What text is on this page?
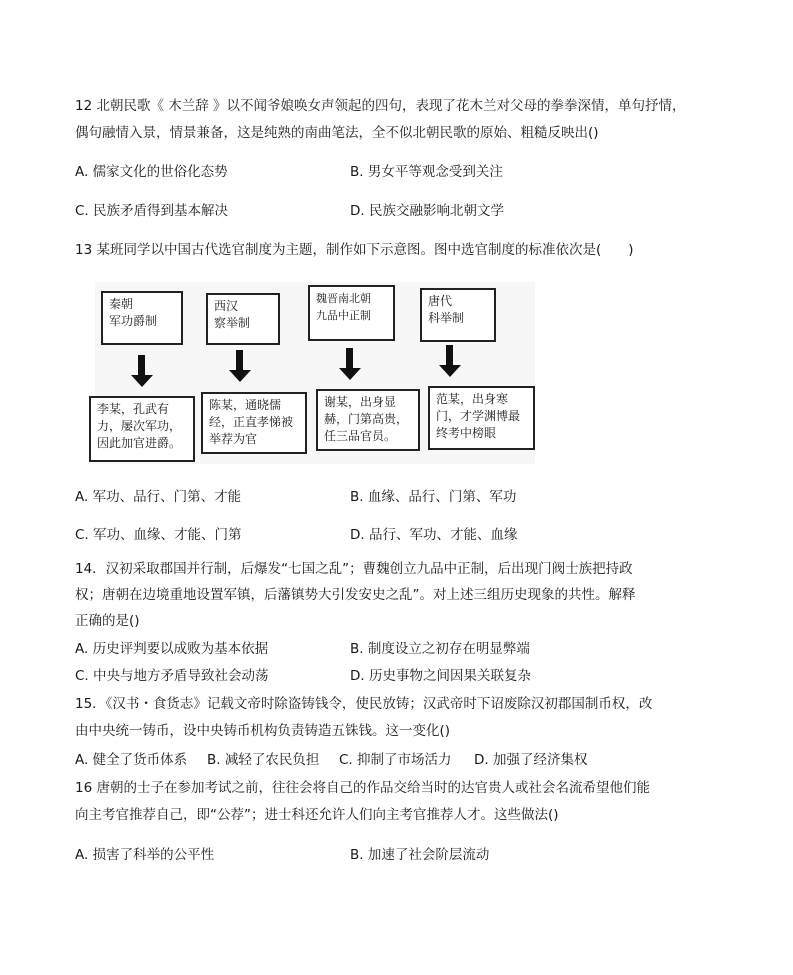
12 北朝民歌《 木兰辞 》以不闻爷娘唤女声领起的四句，表现了花木兰对父母的拳拳深情，单句抒情，
偶句融情入景，情景兼备，这是纯熟的南曲笔法，全不似北朝民歌的原始、粗糙反映出()
A. 儒家文化的世俗化态势	B. 男女平等观念受到关注
C. 民族矛盾得到基本解决	D. 民族交融影响北朝文学
13 某班同学以中国古代选官制度为主题，制作如下示意图。图中选官制度的标准依次是(　　)
秦朝
军功爵制
西汉
察举制
魏晋南北朝
九品中正制
唐代
科举制
李某，孔武有力，屡次军功，因此加官进爵。
陈某，通晓儒经，正直孝悌被举荐为官
谢某，出身显赫，门第高贵，任三品官员。
范某，出身寒门，才学渊博最终考中榜眼
A. 军功、品行、门第、才能	B. 血缘、品行、门第、军功
C. 军功、血缘、才能、门第	D. 品行、军功、才能、血缘
14．汉初采取郡国并行制，后爆发“七国之乱”；曹魏创立九品中正制，后出现门阀士族把持政
权；唐朝在边境重地设置军镇，后藩镇势大引发安史之乱”。对上述三组历史现象的共性。解释
正确的是()
A. 历史评判要以成败为基本依据	B. 制度设立之初存在明显弊端
C. 中央与地方矛盾导致社会动荡	D. 历史事物之间因果关联复杂
15．《汉书・食货志》记载文帝时除盗铸钱令，使民放铸；汉武帝时下诏废除汉初郡国制币权，改
由中央统一铸币，设中央铸币机构负责铸造五铢钱。这一变化()
A. 健全了货币体系 B. 减轻了农民负担 C. 抑制了市场活力 D. 加强了经济集权
16 唐朝的士子在参加考试之前，往往会将自己的作品交给当时的达官贵人或社会名流希望他们能
向主考官推荐自己，即“公荐”；进士科还允许人们向主考官推荐人才。这些做法()
A. 损害了科举的公平性	B. 加速了社会阶层流动
